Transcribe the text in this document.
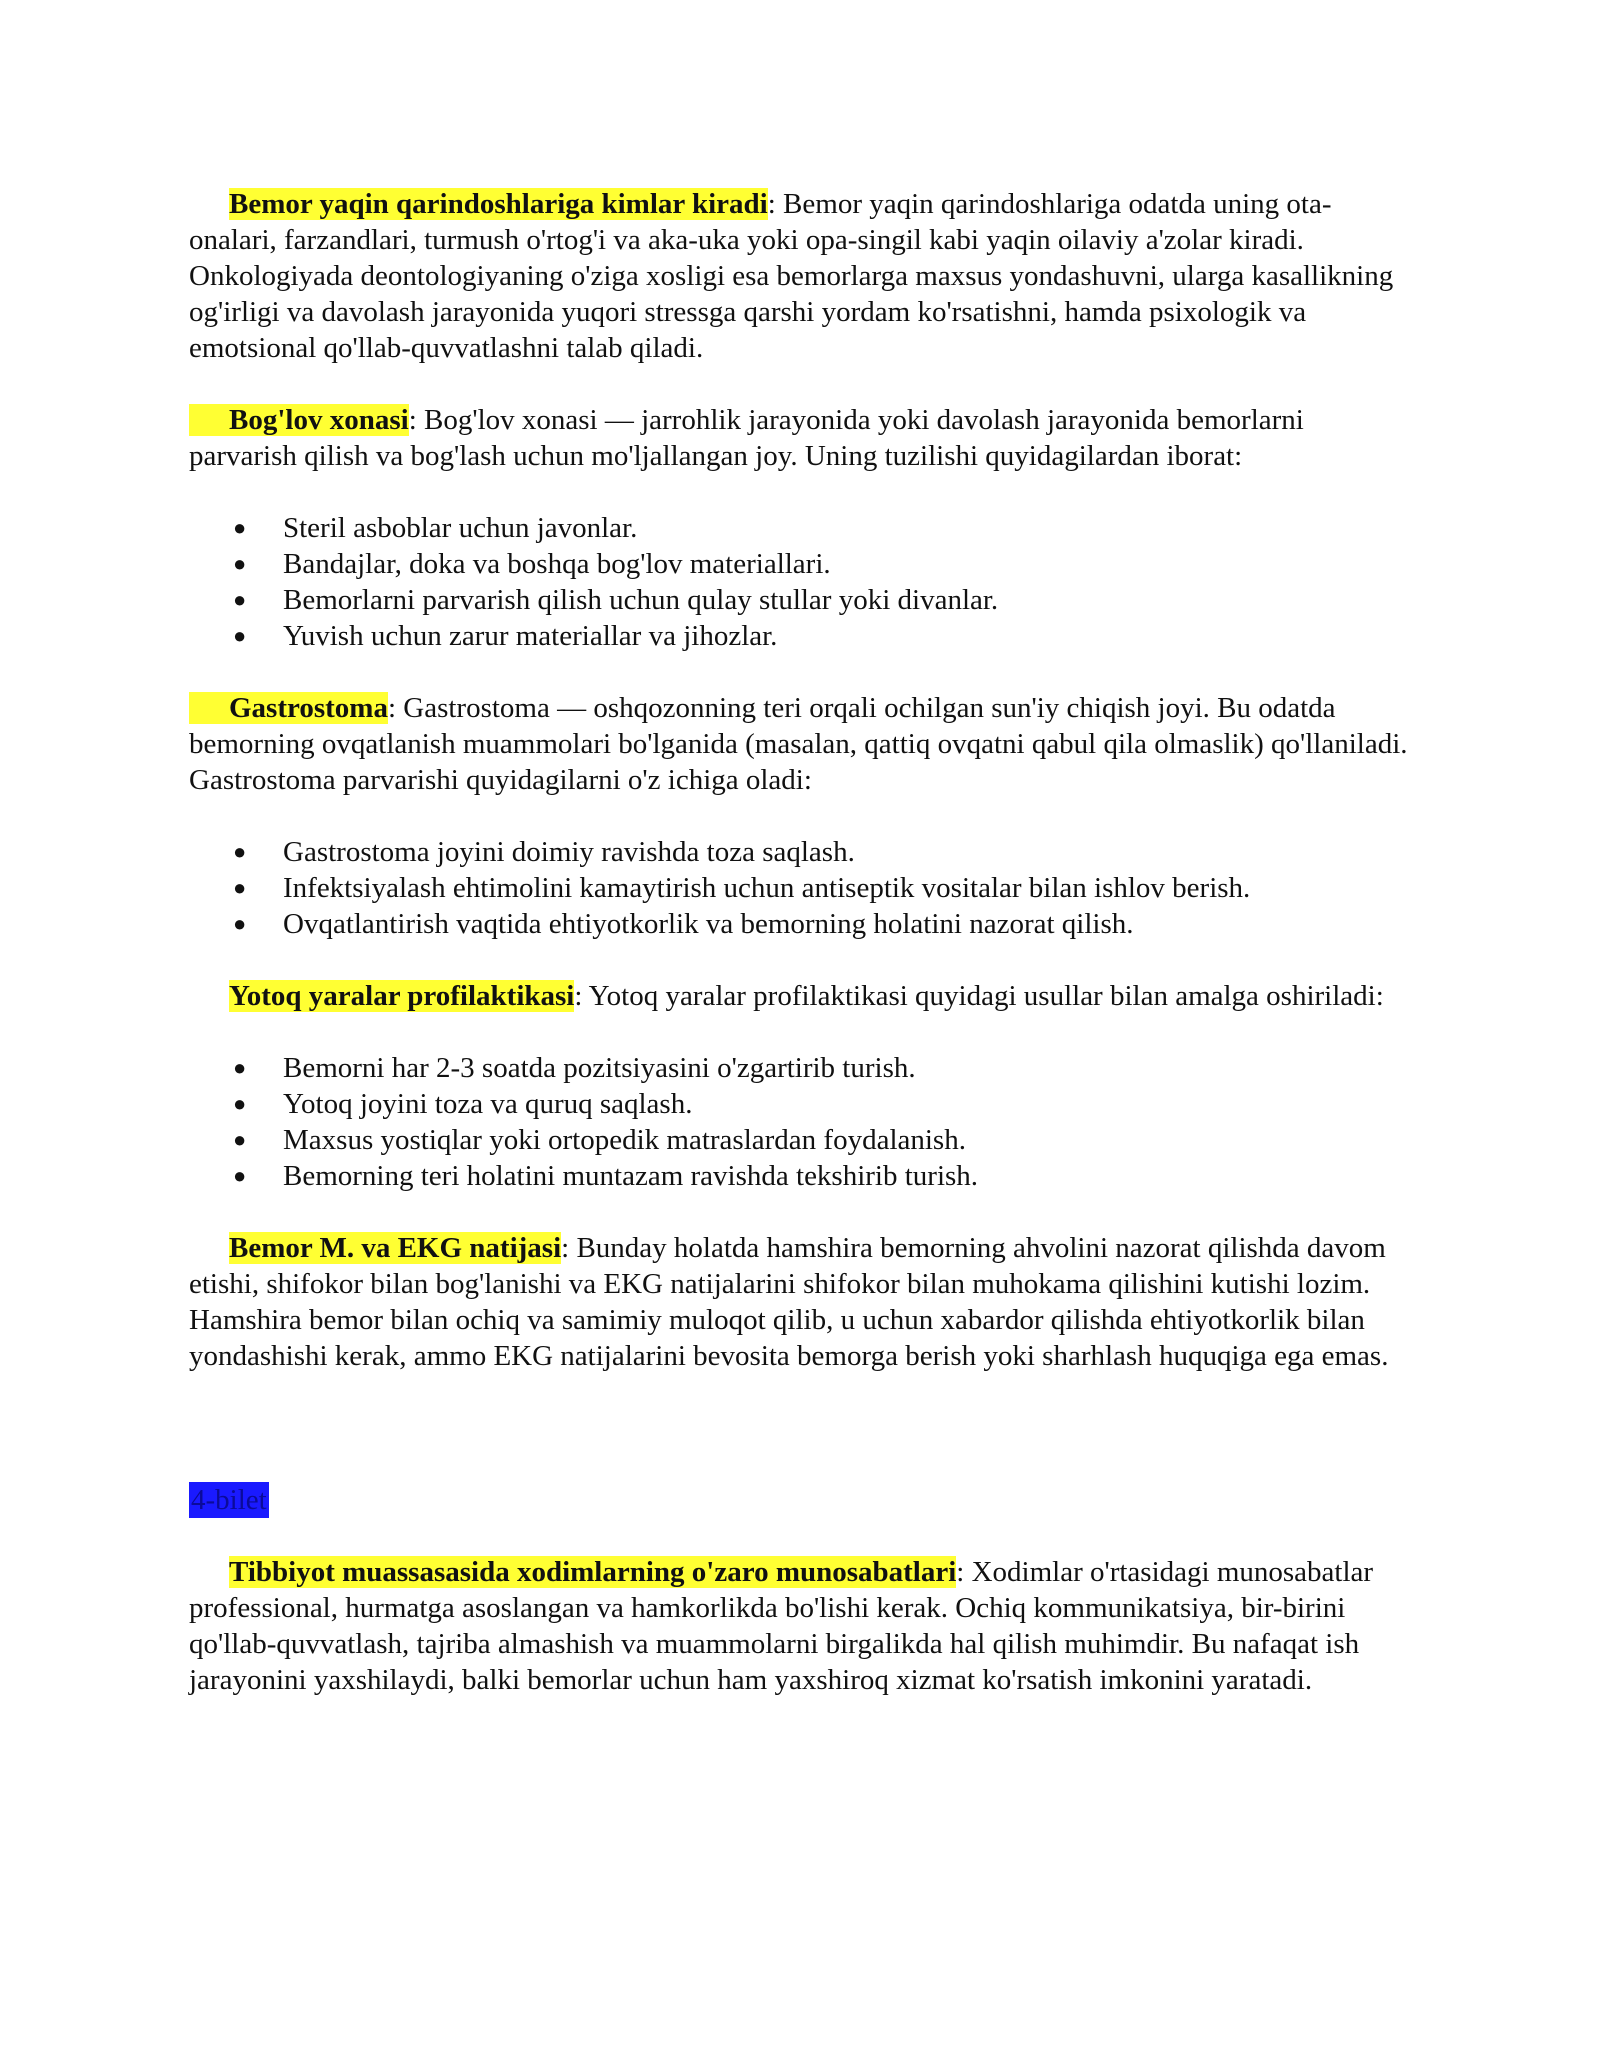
Bemor yaqin qarindoshlariga kimlar kiradi: Bemor yaqin qarindoshlariga odatda uning ota-onalari, farzandlari, turmush o'rtog'i va aka-uka yoki opa-singil kabi yaqin oilaviy a'zolar kiradi. Onkologiyada deontologiyaning o'ziga xosligi esa bemorlarga maxsus yondashuvni, ularga kasallikning og'irligi va davolash jarayonida yuqori stressga qarshi yordam ko'rsatishni, hamda psixologik va emotsional qo'llab-quvvatlashni talab qiladi.

Bog'lov xonasi: Bog'lov xonasi — jarrohlik jarayonida yoki davolash jarayonida bemorlarni parvarish qilish va bog'lash uchun mo'ljallangan joy. Uning tuzilishi quyidagilardan iborat:

● Steril asboblar uchun javonlar.
● Bandajlar, doka va boshqa bog'lov materiallari.
● Bemorlarni parvarish qilish uchun qulay stullar yoki divanlar.
● Yuvish uchun zarur materiallar va jihozlar.

Gastrostoma: Gastrostoma — oshqozonning teri orqali ochilgan sun'iy chiqish joyi. Bu odatda bemorning ovqatlanish muammolari bo'lganida (masalan, qattiq ovqatni qabul qila olmaslik) qo'llaniladi. Gastrostoma parvarishi quyidagilarni o'z ichiga oladi:

● Gastrostoma joyini doimiy ravishda toza saqlash.
● Infektsiyalash ehtimolini kamaytirish uchun antiseptik vositalar bilan ishlov berish.
● Ovqatlantirish vaqtida ehtiyotkorlik va bemorning holatini nazorat qilish.

Yotoq yaralar profilaktikasi: Yotoq yaralar profilaktikasi quyidagi usullar bilan amalga oshiriladi:

● Bemorni har 2-3 soatda pozitsiyasini o'zgartirib turish.
● Yotoq joyini toza va quruq saqlash.
● Maxsus yostiqlar yoki ortopedik matraslardan foydalanish.
● Bemorning teri holatini muntazam ravishda tekshirib turish.

Bemor M. va EKG natijasi: Bunday holatda hamshira bemorning ahvolini nazorat qilishda davom etishi, shifokor bilan bog'lanishi va EKG natijalarini shifokor bilan muhokama qilishini kutishi lozim. Hamshira bemor bilan ochiq va samimiy muloqot qilib, u uchun xabardor qilishda ehtiyotkorlik bilan yondashishi kerak, ammo EKG natijalarini bevosita bemorga berish yoki sharhlash huquqiga ega emas.

4-bilet

Tibbiyot muassasasida xodimlarning o'zaro munosabatlari: Xodimlar o'rtasidagi munosabatlar professional, hurmatga asoslangan va hamkorlikda bo'lishi kerak. Ochiq kommunikatsiya, bir-birini qo'llab-quvvatlash, tajriba almashish va muammolarni birgalikda hal qilish muhimdir. Bu nafaqat ish jarayonini yaxshilaydi, balki bemorlar uchun ham yaxshiroq xizmat ko'rsatish imkonini yaratadi.
